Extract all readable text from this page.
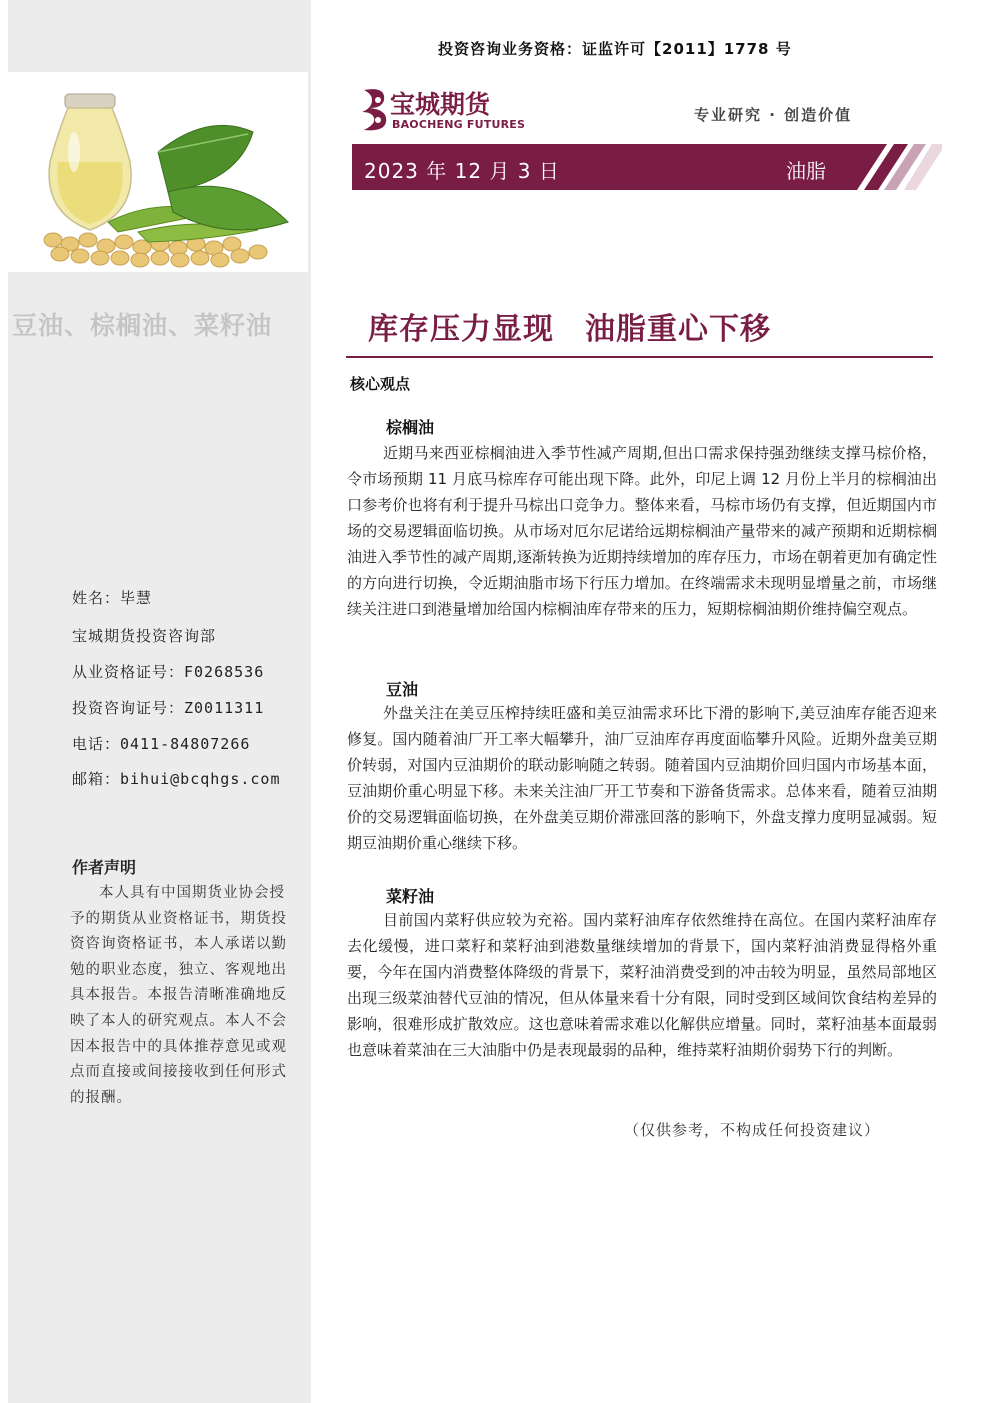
豆油、棕榈油、菜籽油
姓名：毕慧
宝城期货投资咨询部
从业资格证号：F0268536
投资咨询证号：Z0011311
电话：0411-84807266
邮箱：bihui@bcqhgs.com
作者声明
本人具有中国期货业协会授予的期货从业资格证书，期货投资咨询资格证书，本人承诺以勤勉的职业态度，独立、客观地出具本报告。本报告清晰准确地反映了本人的研究观点。本人不会因本报告中的具体推荐意见或观点而直接或间接接收到任何形式的报酬。
投资咨询业务资格：证监许可【2011】1778 号
宝城期货
BAOCHENG FUTURES
专业研究 · 创造价值
2023 年 12 月 3 日	油脂
库存压力显现　油脂重心下移
核心观点
棕榈油
近期马来西亚棕榈油进入季节性减产周期,但出口需求保持强劲继续支撑马棕价格，令市场预期 11 月底马棕库存可能出现下降。此外，印尼上调 12 月份上半月的棕榈油出口参考价也将有利于提升马棕出口竞争力。整体来看，马棕市场仍有支撑，但近期国内市场的交易逻辑面临切换。从市场对厄尔尼诺给远期棕榈油产量带来的减产预期和近期棕榈油进入季节性的减产周期,逐渐转换为近期持续增加的库存压力，市场在朝着更加有确定性的方向进行切换，令近期油脂市场下行压力增加。在终端需求未现明显增量之前，市场继续关注进口到港量增加给国内棕榈油库存带来的压力，短期棕榈油期价维持偏空观点。
豆油
外盘关注在美豆压榨持续旺盛和美豆油需求环比下滑的影响下,美豆油库存能否迎来修复。国内随着油厂开工率大幅攀升，油厂豆油库存再度面临攀升风险。近期外盘美豆期价转弱，对国内豆油期价的联动影响随之转弱。随着国内豆油期价回归国内市场基本面，豆油期价重心明显下移。未来关注油厂开工节奏和下游备货需求。总体来看，随着豆油期价的交易逻辑面临切换，在外盘美豆期价滞涨回落的影响下，外盘支撑力度明显减弱。短期豆油期价重心继续下移。
菜籽油
目前国内菜籽供应较为充裕。国内菜籽油库存依然维持在高位。在国内菜籽油库存去化缓慢，进口菜籽和菜籽油到港数量继续增加的背景下，国内菜籽油消费显得格外重要，今年在国内消费整体降级的背景下，菜籽油消费受到的冲击较为明显，虽然局部地区出现三级菜油替代豆油的情况，但从体量来看十分有限，同时受到区域间饮食结构差异的影响，很难形成扩散效应。这也意味着需求难以化解供应增量。同时，菜籽油基本面最弱也意味着菜油在三大油脂中仍是表现最弱的品种，维持菜籽油期价弱势下行的判断。
（仅供参考，不构成任何投资建议）
